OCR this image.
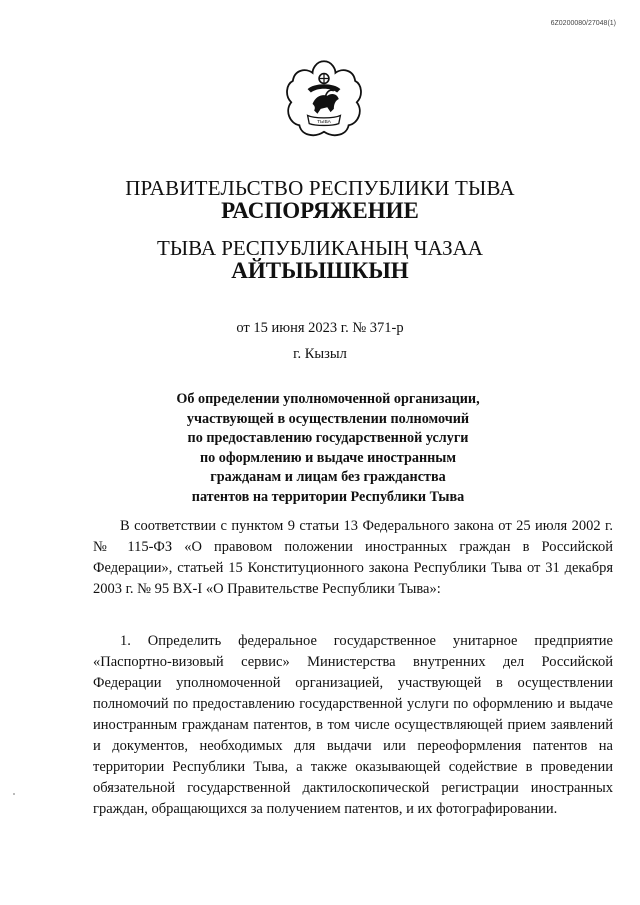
6Z0200080/27048(1)
ТЫВА
ПРАВИТЕЛЬСТВО РЕСПУБЛИКИ ТЫВА
РАСПОРЯЖЕНИЕ
ТЫВА РЕСПУБЛИКАНЫҢ ЧАЗАА
АЙТЫЫШКЫН
от 15 июня 2023 г. № 371-р
г. Кызыл
Об определении уполномоченной организации,
участвующей в осуществлении полномочий
по предоставлению государственной услуги
по оформлению и выдаче иностранным
гражданам и лицам без гражданства
патентов на территории Республики Тыва
В соответствии с пунктом 9 статьи 13 Федерального закона от 25 июля 2002 г. № 115-ФЗ «О правовом положении иностранных граждан в Российской Федерации», статьей 15 Конституционного закона Республики Тыва от 31 декабря 2003 г. № 95 ВХ-І «О Правительстве Республики Тыва»:
1. Определить федеральное государственное унитарное предприятие «Паспортно-визовый сервис» Министерства внутренних дел Российской Федерации уполномоченной организацией, участвующей в осуществлении полномочий по предоставлению государственной услуги по оформлению и выдаче иностранным гражданам патентов, в том числе осуществляющей прием заявлений и документов, необходимых для выдачи или переоформления патентов на территории Республики Тыва, а также оказывающей содействие в проведении обязательной государственной дактилоскопической регистрации иностранных граждан, обращающихся за получением патентов, и их фотографировании.
